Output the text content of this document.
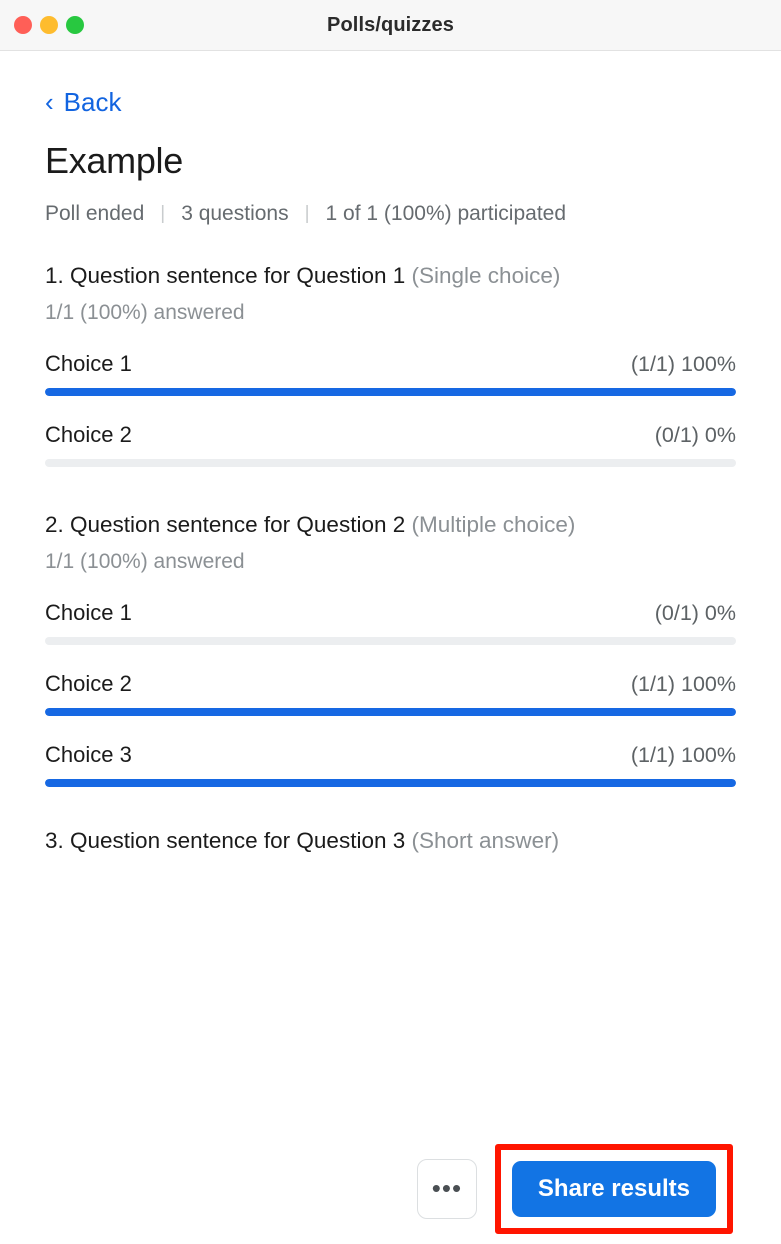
Polls/quizzes
‹ Back
Example
Poll ended | 3 questions | 1 of 1 (100%) participated
1. Question sentence for Question 1 (Single choice)
1/1 (100%) answered
Choice 1	(1/1) 100%
Choice 2	(0/1) 0%
2. Question sentence for Question 2 (Multiple choice)
1/1 (100%) answered
Choice 1	(0/1) 0%
Choice 2	(1/1) 100%
Choice 3	(1/1) 100%
3. Question sentence for Question 3 (Short answer)
•••	Share results
